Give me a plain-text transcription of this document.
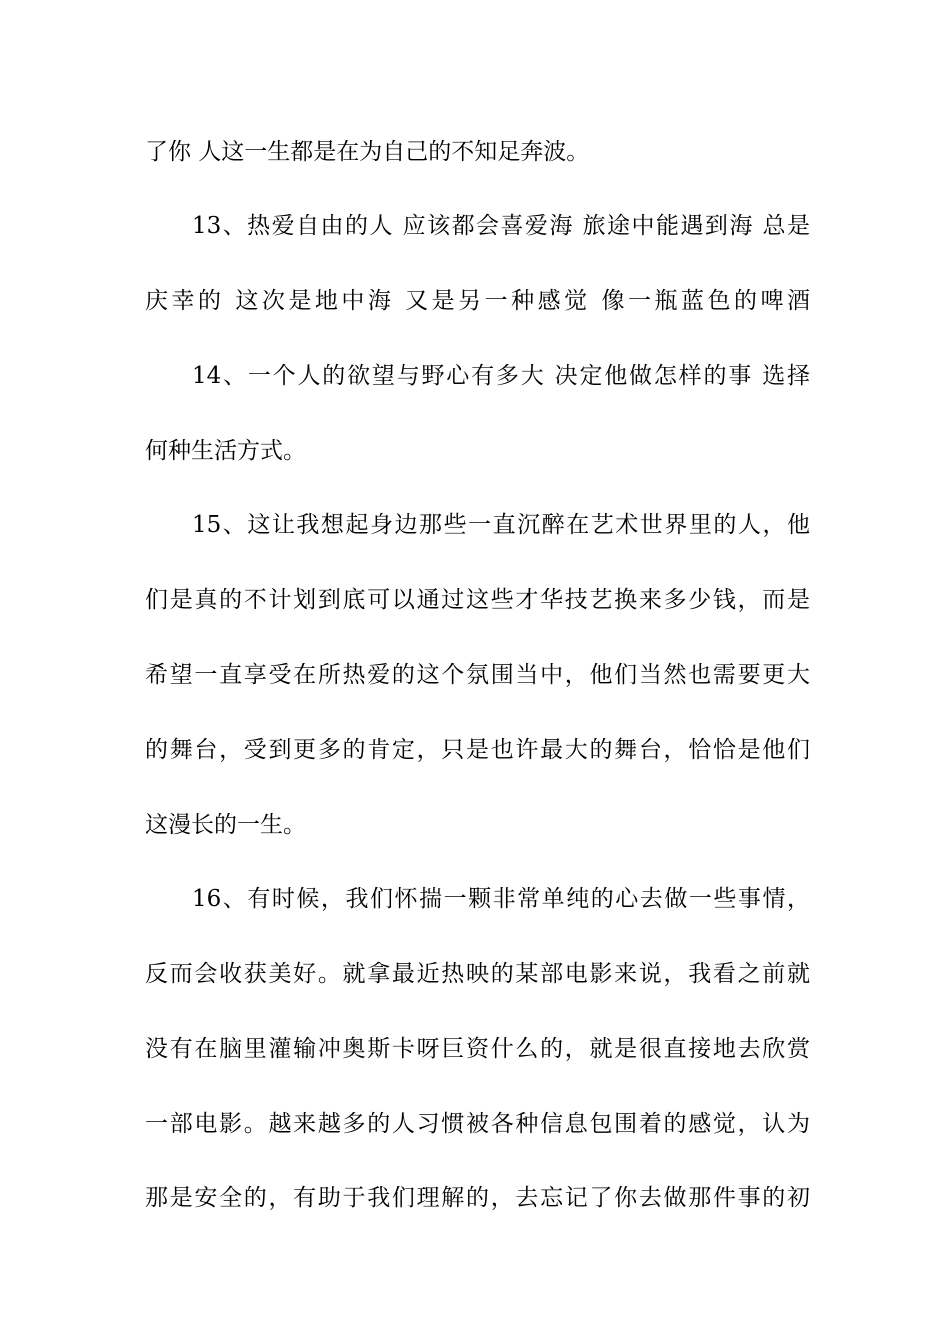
了你 人这一生都是在为自己的不知足奔波。
13、热爱自由的人 应该都会喜爱海 旅途中能遇到海 总是
庆幸的 这次是地中海 又是另一种感觉 像一瓶蓝色的啤酒
14、一个人的欲望与野心有多大 决定他做怎样的事 选择
何种生活方式。
15、这让我想起身边那些一直沉醉在艺术世界里的人，他
们是真的不计划到底可以通过这些才华技艺换来多少钱，而是
希望一直享受在所热爱的这个氛围当中，他们当然也需要更大
的舞台，受到更多的肯定，只是也许最大的舞台，恰恰是他们
这漫长的一生。
16、有时候，我们怀揣一颗非常单纯的心去做一些事情，
反而会收获美好。就拿最近热映的某部电影来说，我看之前就
没有在脑里灌输冲奥斯卡呀巨资什么的，就是很直接地去欣赏
一部电影。越来越多的人习惯被各种信息包围着的感觉，认为
那是安全的，有助于我们理解的，去忘记了你去做那件事的初
